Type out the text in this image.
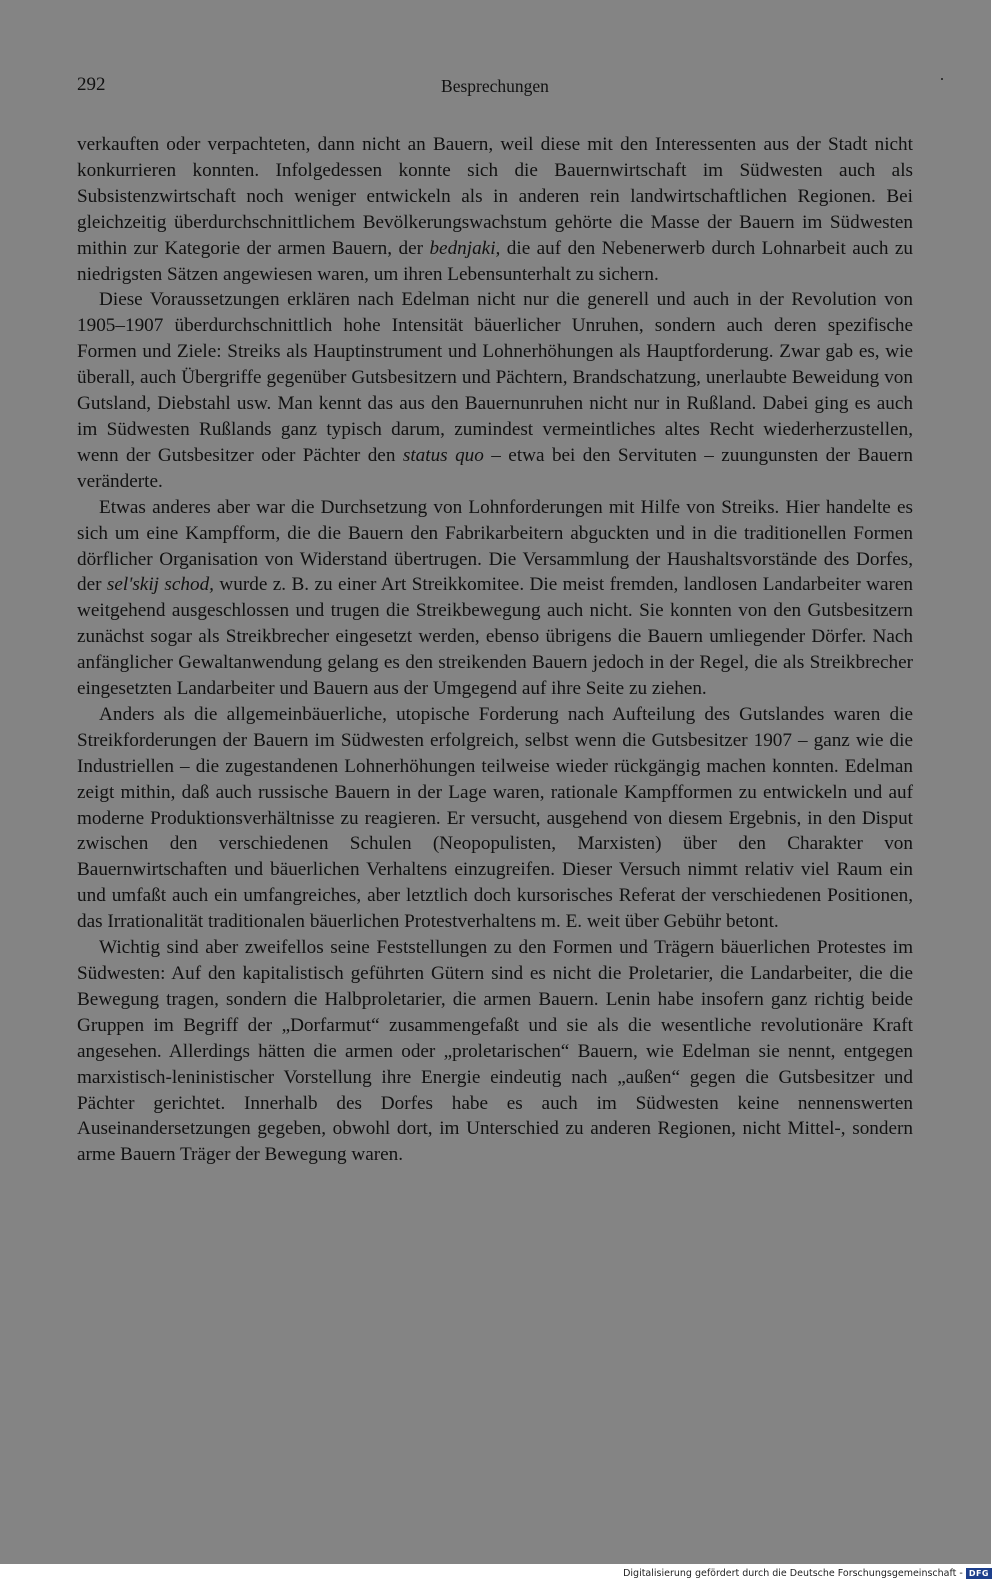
292	Besprechungen

verkauften oder verpachteten, dann nicht an Bauern, weil diese mit den Interessenten aus der Stadt nicht konkurrieren konnten. Infolgedessen konnte sich die Bauernwirtschaft im Südwesten auch als Subsistenzwirtschaft noch weniger entwickeln als in anderen rein landwirtschaftlichen Regionen. Bei gleichzeitig überdurchschnittlichem Bevölkerungswachstum gehörte die Masse der Bauern im Südwesten mithin zur Kategorie der armen Bauern, der bednjaki, die auf den Nebenerwerb durch Lohnarbeit auch zu niedrigsten Sätzen angewiesen waren, um ihren Lebensunterhalt zu sichern.

Diese Voraussetzungen erklären nach Edelman nicht nur die generell und auch in der Revolution von 1905–1907 überdurchschnittlich hohe Intensität bäuerlicher Unruhen, sondern auch deren spezifische Formen und Ziele: Streiks als Hauptinstrument und Lohnerhöhungen als Hauptforderung. Zwar gab es, wie überall, auch Übergriffe gegenüber Gutsbesitzern und Pächtern, Brandschatzung, unerlaubte Beweidung von Gutsland, Diebstahl usw. Man kennt das aus den Bauernunruhen nicht nur in Rußland. Dabei ging es auch im Südwesten Rußlands ganz typisch darum, zumindest vermeintliches altes Recht wiederherzustellen, wenn der Gutsbesitzer oder Pächter den status quo – etwa bei den Servituten – zuungunsten der Bauern veränderte.

Etwas anderes aber war die Durchsetzung von Lohnforderungen mit Hilfe von Streiks. Hier handelte es sich um eine Kampfform, die die Bauern den Fabrikarbeitern abguckten und in die traditionellen Formen dörflicher Organisation von Widerstand übertrugen. Die Versammlung der Haushaltsvorstände des Dorfes, der sel'skij schod, wurde z. B. zu einer Art Streikkomitee. Die meist fremden, landlosen Landarbeiter waren weitgehend ausgeschlossen und trugen die Streikbewegung auch nicht. Sie konnten von den Gutsbesitzern zunächst sogar als Streikbrecher eingesetzt werden, ebenso übrigens die Bauern umliegender Dörfer. Nach anfänglicher Gewaltanwendung gelang es den streikenden Bauern jedoch in der Regel, die als Streikbrecher eingesetzten Landarbeiter und Bauern aus der Umgegend auf ihre Seite zu ziehen.

Anders als die allgemeinbäuerliche, utopische Forderung nach Aufteilung des Gutslandes waren die Streikforderungen der Bauern im Südwesten erfolgreich, selbst wenn die Gutsbesitzer 1907 – ganz wie die Industriellen – die zugestandenen Lohnerhöhungen teilweise wieder rückgängig machen konnten. Edelman zeigt mithin, daß auch russische Bauern in der Lage waren, rationale Kampfformen zu entwickeln und auf moderne Produktionsverhältnisse zu reagieren. Er versucht, ausgehend von diesem Ergebnis, in den Disput zwischen den verschiedenen Schulen (Neopopulisten, Marxisten) über den Charakter von Bauernwirtschaften und bäuerlichen Verhaltens einzugreifen. Dieser Versuch nimmt relativ viel Raum ein und umfaßt auch ein umfangreiches, aber letztlich doch kursorisches Referat der verschiedenen Positionen, das Irrationalität traditionalen bäuerlichen Protestverhaltens m. E. weit über Gebühr betont.

Wichtig sind aber zweifellos seine Feststellungen zu den Formen und Trägern bäuerlichen Protestes im Südwesten: Auf den kapitalistisch geführten Gütern sind es nicht die Proletarier, die Landarbeiter, die die Bewegung tragen, sondern die Halbproletarier, die armen Bauern. Lenin habe insofern ganz richtig beide Gruppen im Begriff der „Dorfarmut“ zusammengefaßt und sie als die wesentliche revolutionäre Kraft angesehen. Allerdings hätten die armen oder „proletarischen“ Bauern, wie Edelman sie nennt, entgegen marxistisch-leninistischer Vorstellung ihre Energie eindeutig nach „außen“ gegen die Gutsbesitzer und Pächter gerichtet. Innerhalb des Dorfes habe es auch im Südwesten keine nennenswerten Auseinandersetzungen gegeben, obwohl dort, im Unterschied zu anderen Regionen, nicht Mittel-, sondern arme Bauern Träger der Bewegung waren.

Digitalisierung gefördert durch die Deutsche Forschungsgemeinschaft - DFG
